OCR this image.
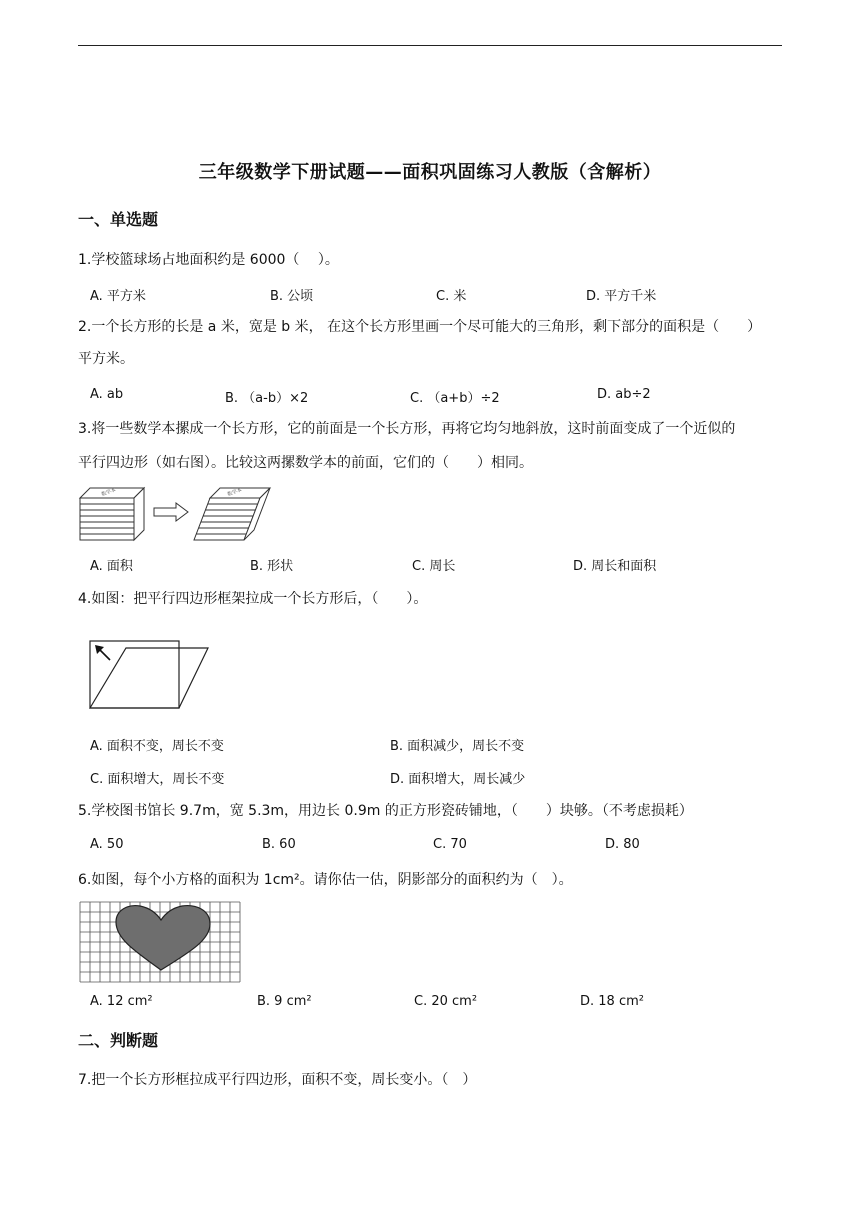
三年级数学下册试题——面积巩固练习人教版（含解析）
一、单选题
1.学校篮球场占地面积约是 6000（　 ）。
A. 平方米	B. 公顷	C. 米	D. 平方千米
2.一个长方形的长是 a 米，宽是 b 米， 在这个长方形里画一个尽可能大的三角形，剩下部分的面积是（　　）
平方米。
A. ab	B. （a-b）×2	C. （a+b）÷2	D. ab÷2
3.将一些数学本摞成一个长方形，它的前面是一个长方形，再将它均匀地斜放，这时前面变成了一个近似的
平行四边形（如右图）。比较这两摞数学本的前面，它们的（　　）相同。
数学本	数学本
A. 面积	B. 形状	C. 周长	D. 周长和面积
4.如图：把平行四边形框架拉成一个长方形后，（　　）。
A. 面积不变，周长不变	B. 面积减少，周长不变
C. 面积增大，周长不变	D. 面积增大，周长减少
5.学校图书馆长 9.7m，宽 5.3m，用边长 0.9m 的正方形瓷砖铺地，（　　）块够。（不考虑损耗）
A. 50	B. 60	C. 70	D. 80
6.如图，每个小方格的面积为 1cm²。请你估一估，阴影部分的面积约为（　）。
A. 12 cm²	B. 9 cm²	C. 20 cm²	D. 18 cm²
二、判断题
7.把一个长方形框拉成平行四边形，面积不变，周长变小。（　）
